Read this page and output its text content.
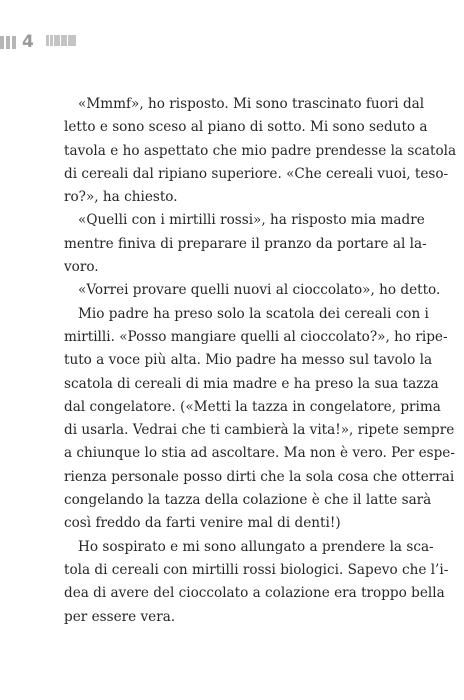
4

«Mmmf», ho risposto. Mi sono trascinato fuori dal
letto e sono sceso al piano di sotto. Mi sono seduto a
tavola e ho aspettato che mio padre prendesse la scatola
di cereali dal ripiano superiore. «Che cereali vuoi, teso-
ro?», ha chiesto.

«Quelli con i mirtilli rossi», ha risposto mia madre
mentre finiva di preparare il pranzo da portare al la-
voro.

«Vorrei provare quelli nuovi al cioccolato», ho detto.

Mio padre ha preso solo la scatola dei cereali con i
mirtilli. «Posso mangiare quelli al cioccolato?», ho ripe-
tuto a voce più alta. Mio padre ha messo sul tavolo la
scatola di cereali di mia madre e ha preso la sua tazza
dal congelatore. («Metti la tazza in congelatore, prima
di usarla. Vedrai che ti cambierà la vita!», ripete sempre
a chiunque lo stia ad ascoltare. Ma non è vero. Per espe-
rienza personale posso dirti che la sola cosa che otterrai
congelando la tazza della colazione è che il latte sarà
così freddo da farti venire mal di denti!)

Ho sospirato e mi sono allungato a prendere la sca-
tola di cereali con mirtilli rossi biologici. Sapevo che l’i-
dea di avere del cioccolato a colazione era troppo bella
per essere vera.
